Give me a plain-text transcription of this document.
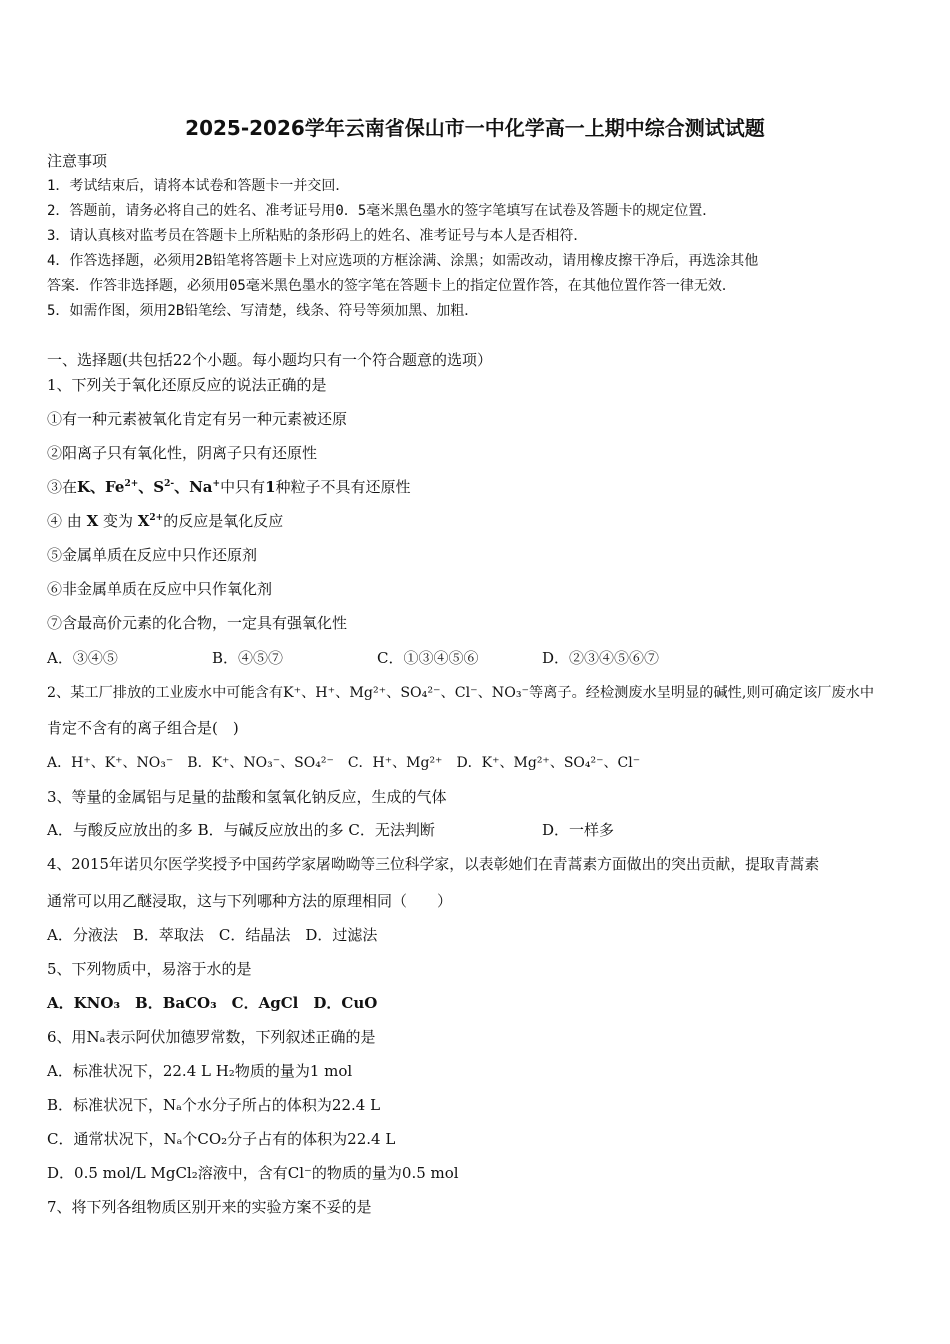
2025-2026学年云南省保山市一中化学高一上期中综合测试试题
注意事项
1．考试结束后，请将本试卷和答题卡一并交回．
2．答题前，请务必将自己的姓名、准考证号用0．5毫米黑色墨水的签字笔填写在试卷及答题卡的规定位置．
3．请认真核对监考员在答题卡上所粘贴的条形码上的姓名、准考证号与本人是否相符．
4．作答选择题，必须用2B铅笔将答题卡上对应选项的方框涂满、涂黑；如需改动，请用橡皮擦干净后，再选涂其他
答案．作答非选择题，必须用05毫米黑色墨水的签字笔在答题卡上的指定位置作答，在其他位置作答一律无效．
5．如需作图，须用2B铅笔绘、写清楚，线条、符号等须加黑、加粗．
一、选择题(共包括22个小题。每小题均只有一个符合题意的选项）
1、下列关于氧化还原反应的说法正确的是
①有一种元素被氧化肯定有另一种元素被还原
②阳离子只有氧化性，阴离子只有还原性
③在K、$Fe^{2+}$、$S^{2-}$、Na+中只有1种粒子不具有还原性
④ 由 X 变为 $X^{2+}$的反应是氧化反应
⑤金属单质在反应中只作还原剂
⑥非金属单质在反应中只作氧化剂
⑦含最高价元素的化合物，一定具有强氧化性
A．③④⑤	B．④⑤⑦	C．①③④⑤⑥	D．②③④⑤⑥⑦
2、某工厂排放的工业废水中可能含有K⁺、H⁺、Mg²⁺、SO₄²⁻、Cl⁻、NO₃⁻等离子。经检测废水呈明显的碱性,则可确定该厂废水中
肯定不含有的离子组合是(　)
A．H⁺、K⁺、NO₃⁻　B．K⁺、NO₃⁻、SO₄²⁻　C．H⁺、Mg²⁺　D．K⁺、Mg²⁺、SO₄²⁻、Cl⁻
3、等量的金属铝与足量的盐酸和氢氧化钠反应，生成的气体
A．与酸反应放出的多 B．与碱反应放出的多 C．无法判断	D．一样多
4、2015年诺贝尔医学奖授予中国药学家屠呦呦等三位科学家，以表彰她们在青蒿素方面做出的突出贡献，提取青蒿素
通常可以用乙醚浸取，这与下列哪种方法的原理相同（　　）
A．分液法　B．萃取法　C．结晶法　D．过滤法
5、下列物质中，易溶于水的是
A．KNO₃　B．BaCO₃　C．AgCl　D．CuO
6、用Nₐ表示阿伏加德罗常数，下列叙述正确的是
A．标准状况下，22.4 L H₂物质的量为1 mol
B．标准状况下，Nₐ个水分子所占的体积为22.4 L
C．通常状况下，Nₐ个CO₂分子占有的体积为22.4 L
D．0.5 mol/L MgCl₂溶液中，含有Cl⁻的物质的量为0.5 mol
7、将下列各组物质区别开来的实验方案不妥的是
